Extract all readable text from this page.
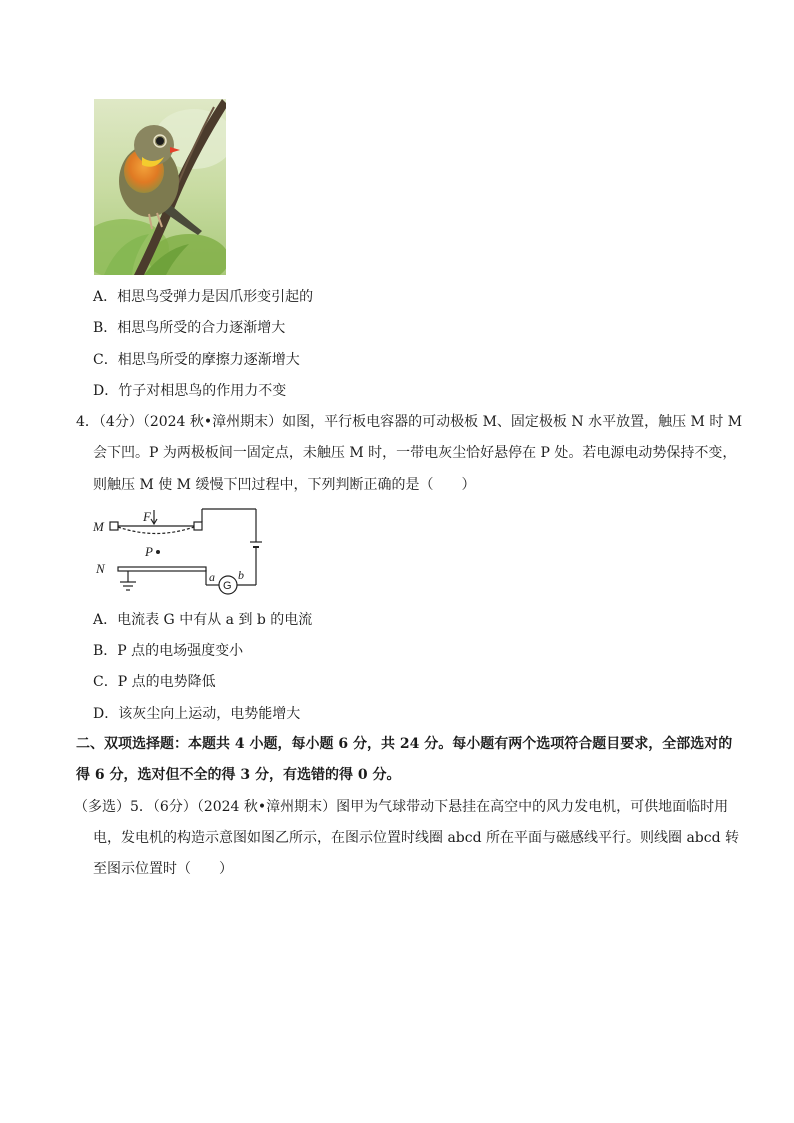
A．相思鸟受弹力是因爪形变引起的
B．相思鸟所受的合力逐渐增大
C．相思鸟所受的摩擦力逐渐增大
D．竹子对相思鸟的作用力不变
4．（4分）（2024 秋•漳州期末）如图，平行板电容器的可动极板 M、固定极板 N 水平放置，触压 M 时 M
会下凹。P 为两极板间一固定点，未触压 M 时，一带电灰尘恰好悬停在 P 处。若电源电动势保持不变，
则触压 M 使 M 缓慢下凹过程中，下列判断正确的是（　　）
M
N
F
P
a b
G
A．电流表 G 中有从 a 到 b 的电流
B．P 点的电场强度变小
C．P 点的电势降低
D．该灰尘向上运动，电势能增大
二、双项选择题：本题共 4 小题，每小题 6 分，共 24 分。每小题有两个选项符合题目要求，全部选对的
得 6 分，选对但不全的得 3 分，有选错的得 0 分。
（多选）5．（6分）（2024 秋•漳州期末）图甲为气球带动下悬挂在高空中的风力发电机，可供地面临时用
电，发电机的构造示意图如图乙所示，在图示位置时线圈 abcd 所在平面与磁感线平行。则线圈 abcd 转
至图示位置时（　　）
